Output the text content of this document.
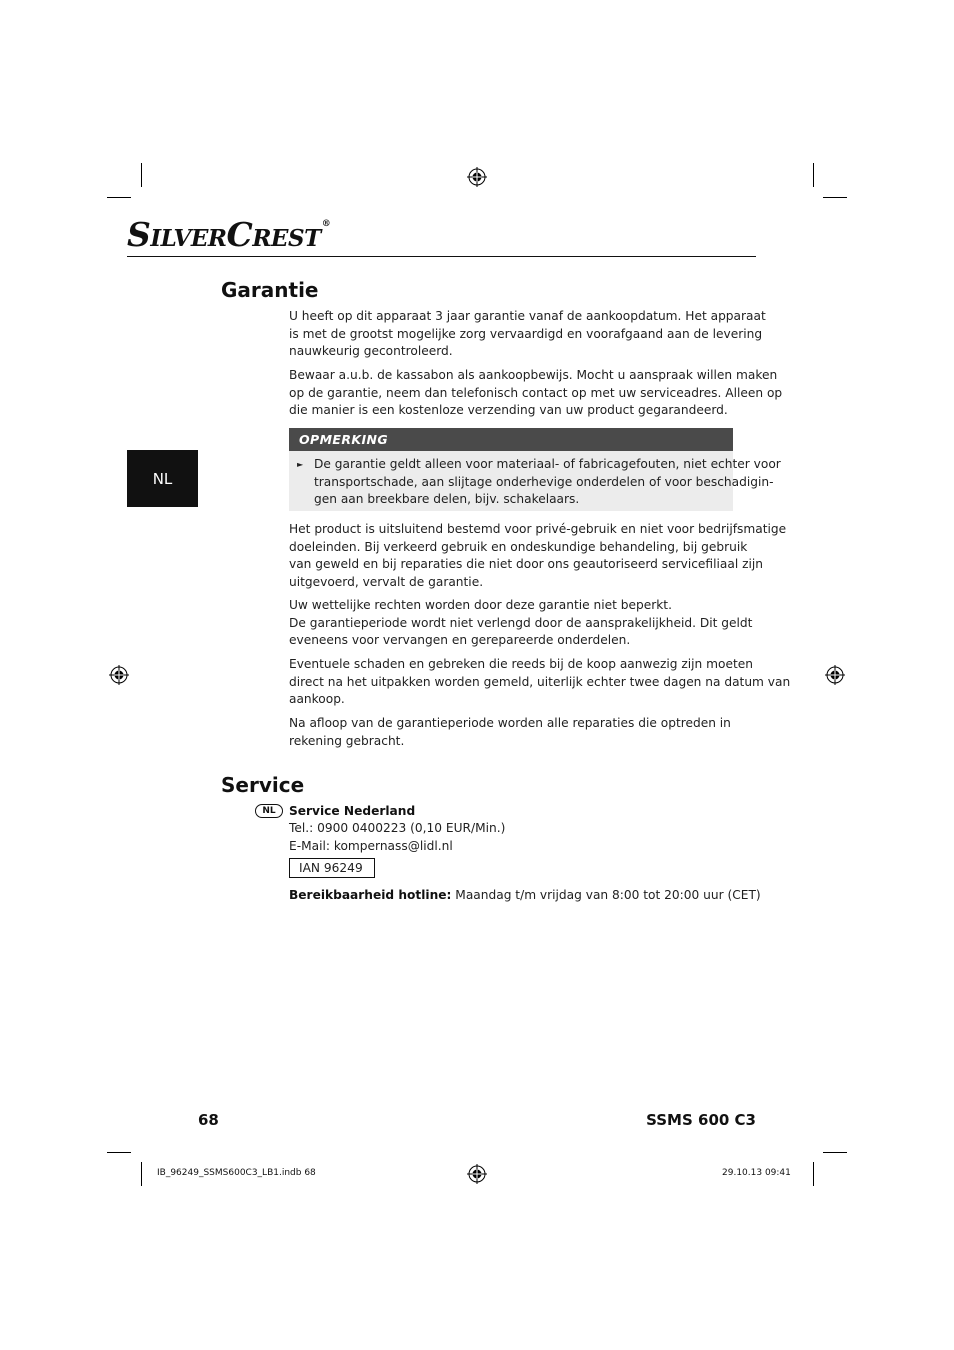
SILVERCREST®
Garantie

U heeft op dit apparaat 3 jaar garantie vanaf de aankoopdatum. Het apparaat
is met de grootst mogelijke zorg vervaardigd en voorafgaand aan de levering
nauwkeurig gecontroleerd.

Bewaar a.u.b. de kassabon als aankoopbewijs. Mocht u aanspraak willen maken
op de garantie, neem dan telefonisch contact op met uw serviceadres. Alleen op
die manier is een kostenloze verzending van uw product gegarandeerd.

OPMERKING
► De garantie geldt alleen voor materiaal- of fabricagefouten, niet echter voor
transportschade, aan slijtage onderhevige onderdelen of voor beschadigin-
gen aan breekbare delen, bijv. schakelaars.
NL

Het product is uitsluitend bestemd voor privé-gebruik en niet voor bedrijfsmatige
doeleinden. Bij verkeerd gebruik en ondeskundige behandeling, bij gebruik
van geweld en bij reparaties die niet door ons geautoriseerd servicefiliaal zijn
uitgevoerd, vervalt de garantie.

Uw wettelijke rechten worden door deze garantie niet beperkt.
De garantieperiode wordt niet verlengd door de aansprakelijkheid. Dit geldt
eveneens voor vervangen en gerepareerde onderdelen.

Eventuele schaden en gebreken die reeds bij de koop aanwezig zijn moeten
direct na het uitpakken worden gemeld, uiterlijk echter twee dagen na datum van
aankoop.

Na afloop van de garantieperiode worden alle reparaties die optreden in
rekening gebracht.

Service
NL	Service Nederland
Tel.: 0900 0400223 (0,10 EUR/Min.)
E-Mail: kompernass@lidl.nl
IAN 96249
Bereikbaarheid hotline: Maandag t/m vrijdag van 8:00 tot 20:00 uur (CET)
68	SSMS 600 C3
IB_96249_SSMS600C3_LB1.indb 68	29.10.13 09:41
